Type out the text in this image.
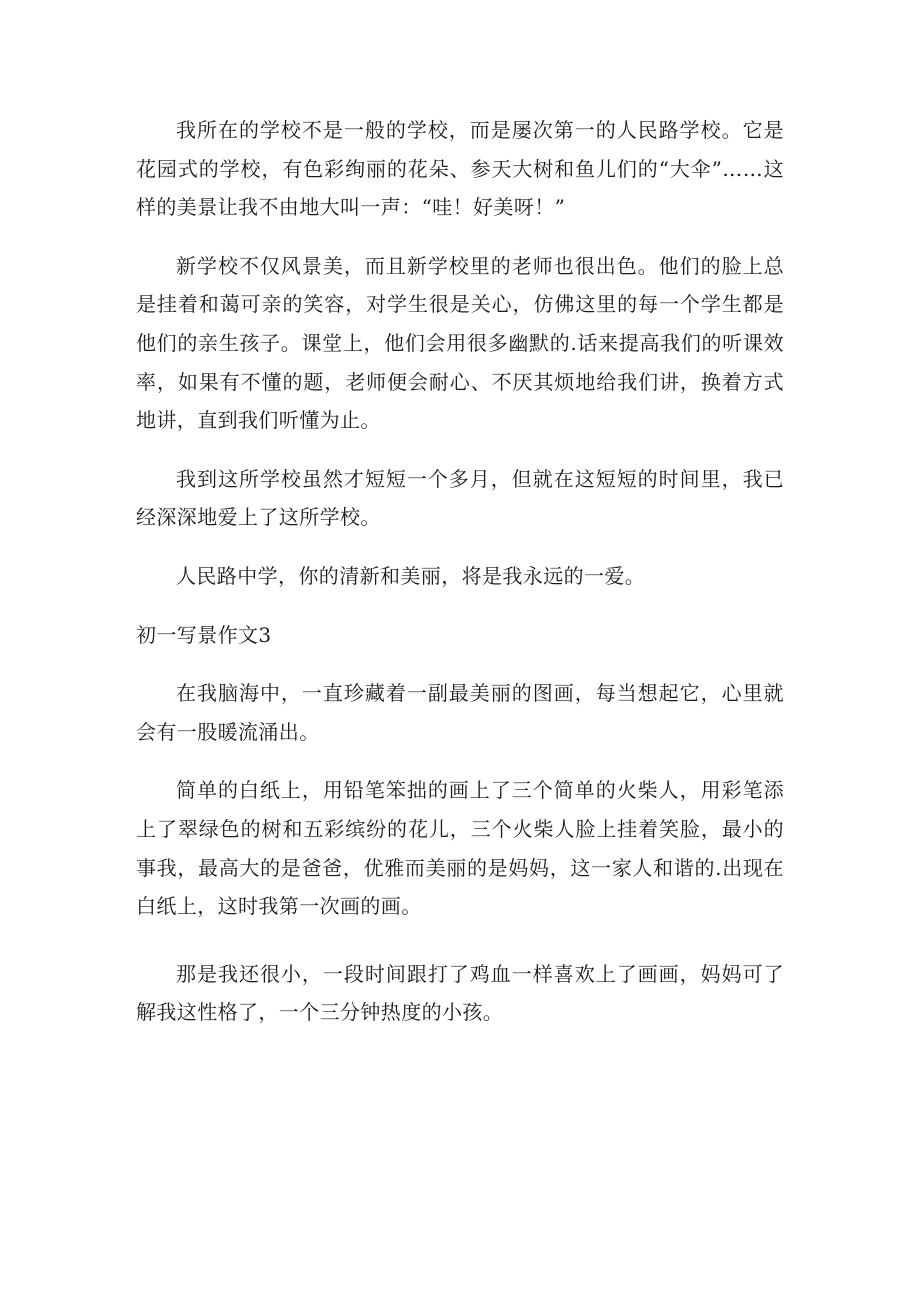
我所在的学校不是一般的学校，而是屡次第一的人民路学校。它是花园式的学校，有色彩绚丽的花朵、参天大树和鱼儿们的“大伞”……这样的美景让我不由地大叫一声：“哇！好美呀！”

新学校不仅风景美，而且新学校里的老师也很出色。他们的脸上总是挂着和蔼可亲的笑容，对学生很是关心，仿佛这里的每一个学生都是他们的亲生孩子。课堂上，他们会用很多幽默的.话来提高我们的听课效率，如果有不懂的题，老师便会耐心、不厌其烦地给我们讲，换着方式地讲，直到我们听懂为止。

我到这所学校虽然才短短一个多月，但就在这短短的时间里，我已经深深地爱上了这所学校。

人民路中学，你的清新和美丽，将是我永远的一爱。

初一写景作文3

在我脑海中，一直珍藏着一副最美丽的图画，每当想起它，心里就会有一股暖流涌出。

简单的白纸上，用铅笔笨拙的画上了三个简单的火柴人，用彩笔添上了翠绿色的树和五彩缤纷的花儿，三个火柴人脸上挂着笑脸，最小的事我，最高大的是爸爸，优雅而美丽的是妈妈，这一家人和谐的.出现在白纸上，这时我第一次画的画。

那是我还很小，一段时间跟打了鸡血一样喜欢上了画画，妈妈可了解我这性格了，一个三分钟热度的小孩。
